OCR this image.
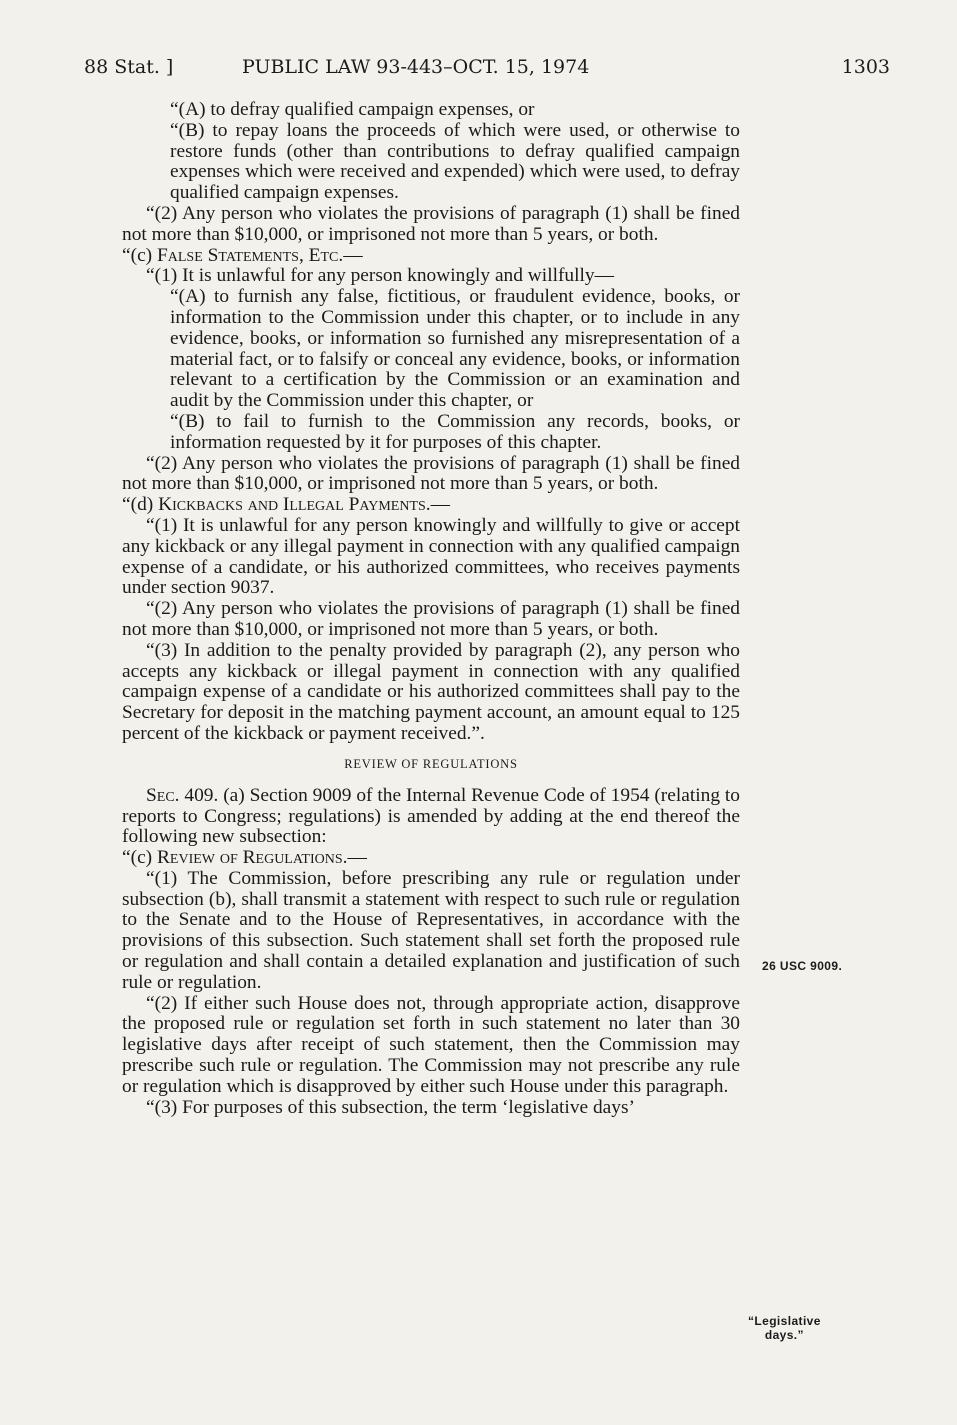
88 Stat. ]	PUBLIC LAW 93-443–OCT. 15, 1974	1303

“(A) to defray qualified campaign expenses, or

“(B) to repay loans the proceeds of which were used, or otherwise to restore funds (other than contributions to defray qualified campaign expenses which were received and expended) which were used, to defray qualified campaign expenses.

“(2) Any person who violates the provisions of paragraph (1) shall be fined not more than $10,000, or imprisoned not more than 5 years, or both.

“(c) False Statements, Etc.—

“(1) It is unlawful for any person knowingly and willfully—

“(A) to furnish any false, fictitious, or fraudulent evidence, books, or information to the Commission under this chapter, or to include in any evidence, books, or information so furnished any misrepresentation of a material fact, or to falsify or conceal any evidence, books, or information relevant to a certification by the Commission or an examination and audit by the Commission under this chapter, or

“(B) to fail to furnish to the Commission any records, books, or information requested by it for purposes of this chapter.

“(2) Any person who violates the provisions of paragraph (1) shall be fined not more than $10,000, or imprisoned not more than 5 years, or both.

“(d) Kickbacks and Illegal Payments.—

“(1) It is unlawful for any person knowingly and willfully to give or accept any kickback or any illegal payment in connection with any qualified campaign expense of a candidate, or his authorized committees, who receives payments under section 9037.

“(2) Any person who violates the provisions of paragraph (1) shall be fined not more than $10,000, or imprisoned not more than 5 years, or both.

“(3) In addition to the penalty provided by paragraph (2), any person who accepts any kickback or illegal payment in connection with any qualified campaign expense of a candidate or his authorized committees shall pay to the Secretary for deposit in the matching payment account, an amount equal to 125 percent of the kickback or payment received.”.

REVIEW OF REGULATIONS

Sec. 409. (a) Section 9009 of the Internal Revenue Code of 1954 (relating to reports to Congress; regulations) is amended by adding at the end thereof the following new subsection:

“(c) Review of Regulations.—

“(1) The Commission, before prescribing any rule or regulation under subsection (b), shall transmit a statement with respect to such rule or regulation to the Senate and to the House of Representatives, in accordance with the provisions of this subsection. Such statement shall set forth the proposed rule or regulation and shall contain a detailed explanation and justification of such rule or regulation.

“(2) If either such House does not, through appropriate action, disapprove the proposed rule or regulation set forth in such statement no later than 30 legislative days after receipt of such statement, then the Commission may prescribe such rule or regulation. The Commission may not prescribe any rule or regulation which is disapproved by either such House under this paragraph.

“(3) For purposes of this subsection, the term ‘legislative days’

26 USC 9009.
“Legislative
days.”
